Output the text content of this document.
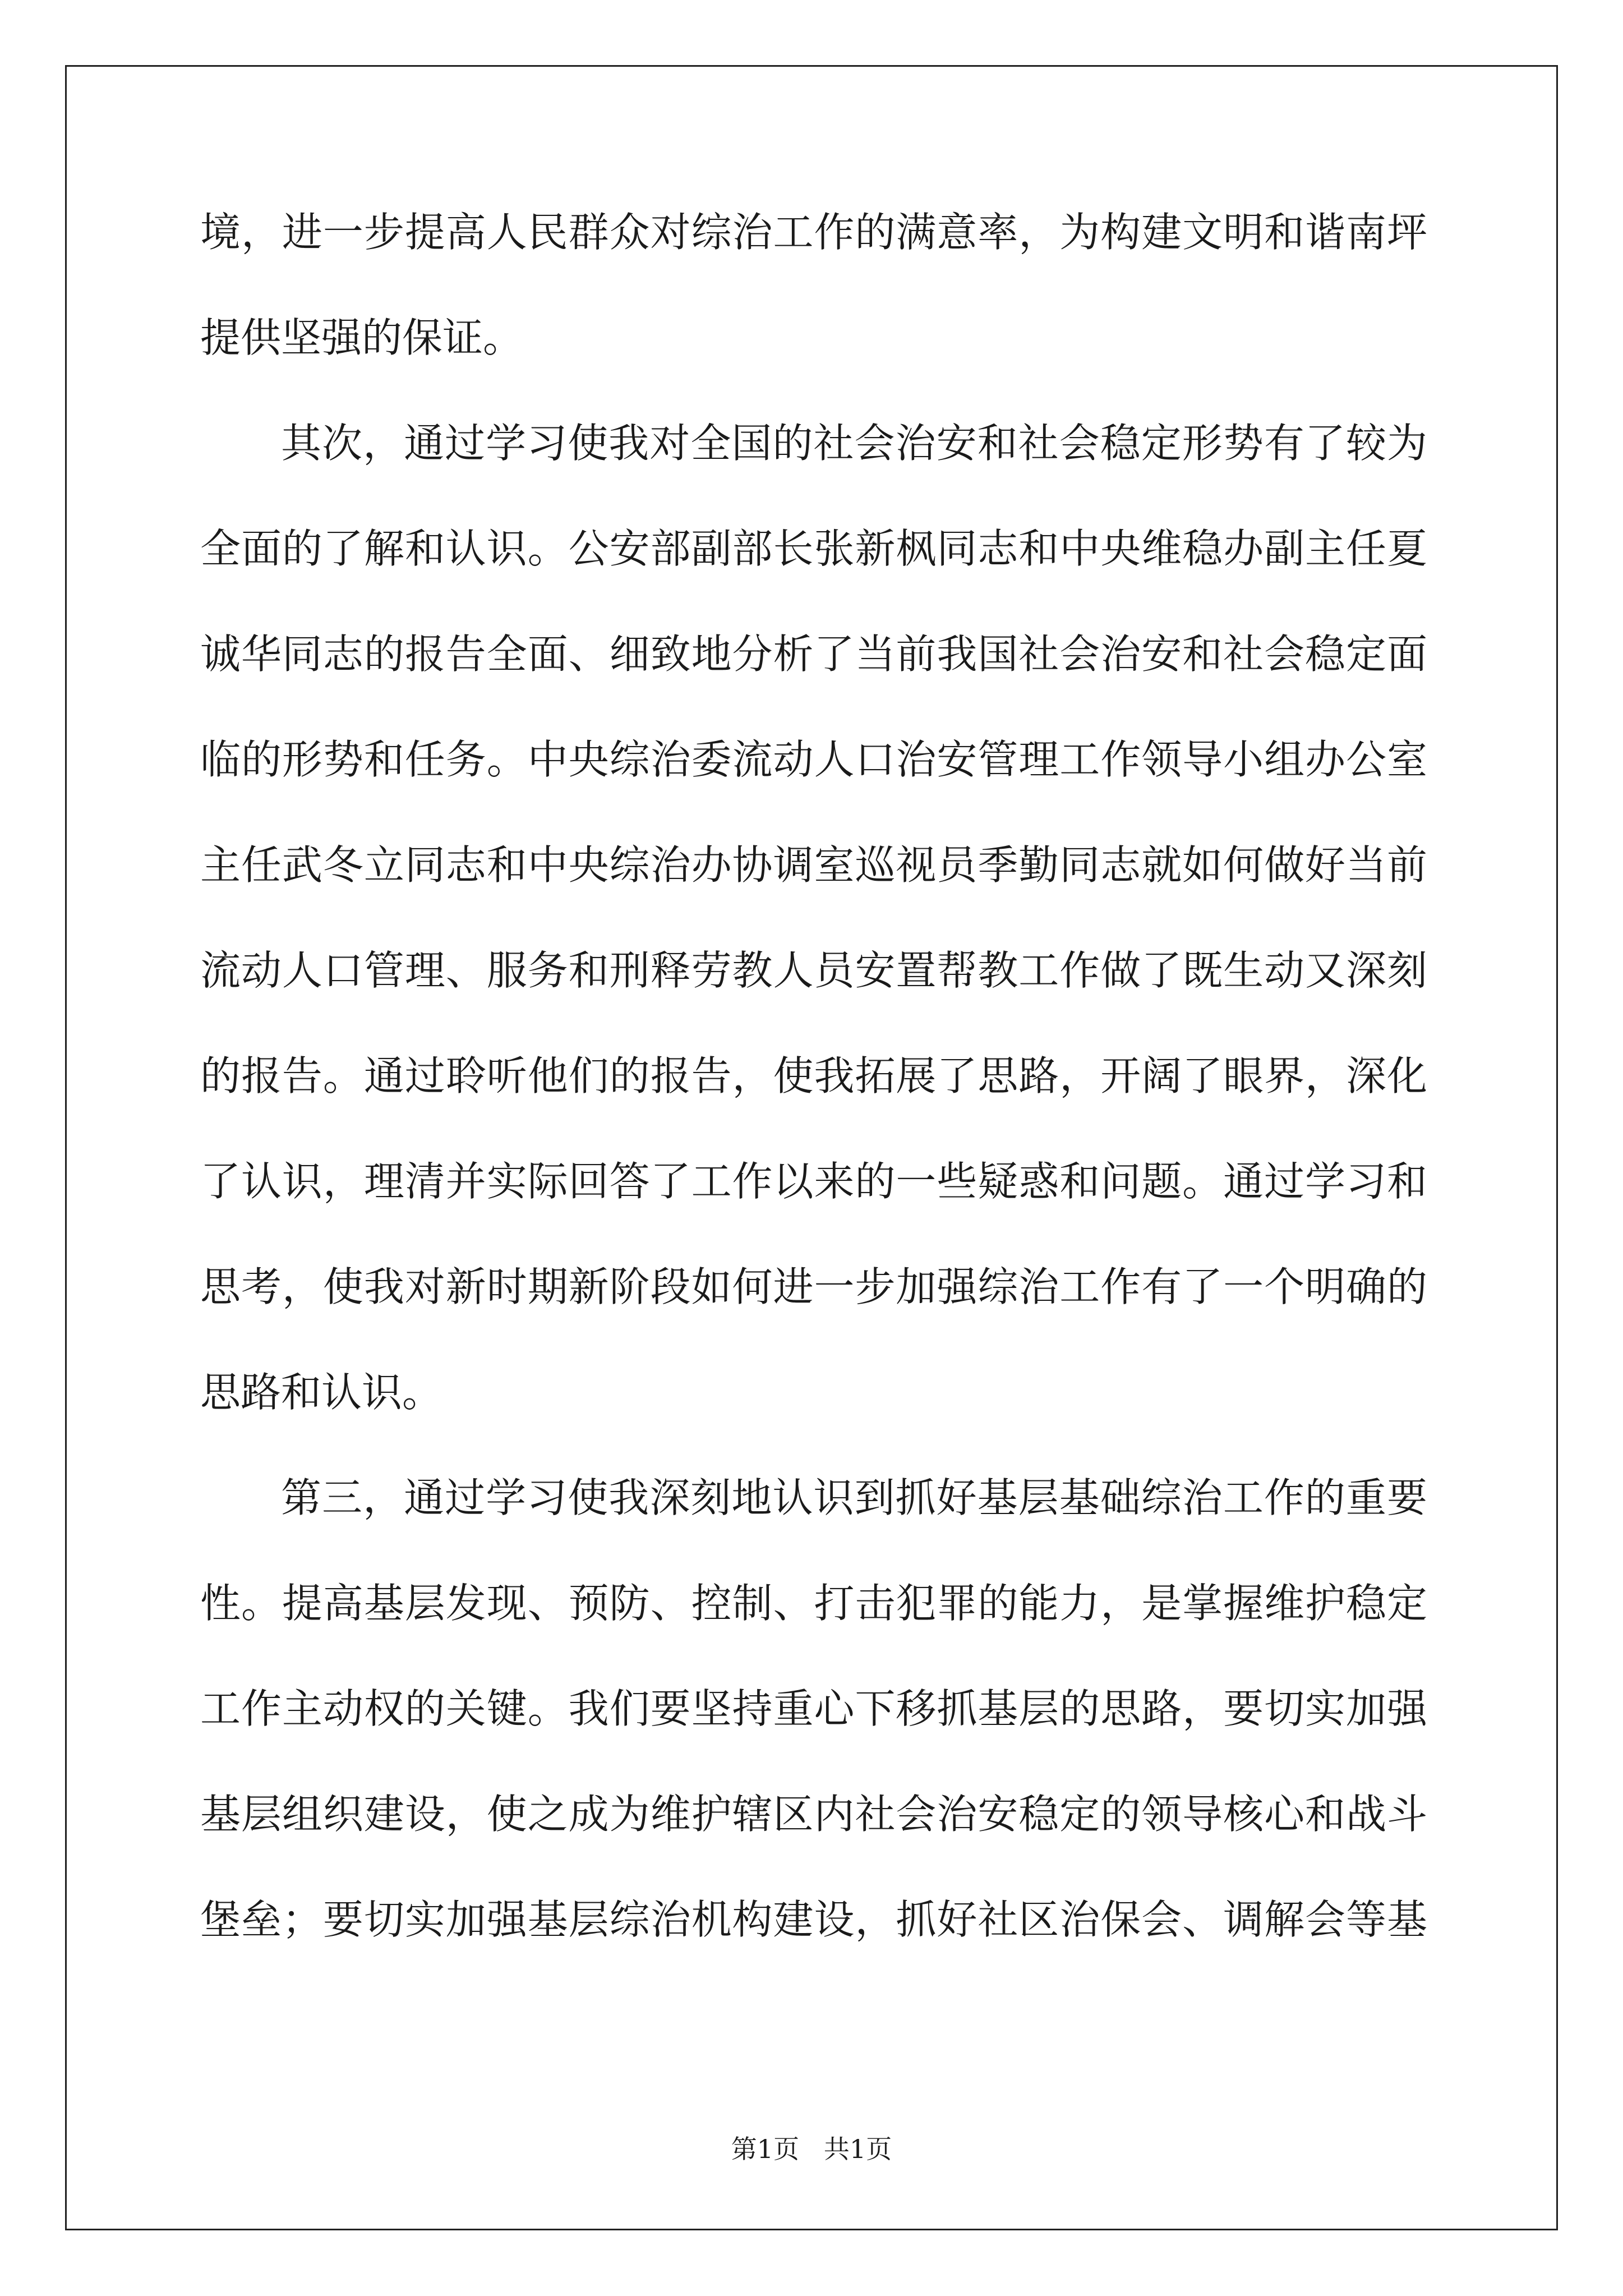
境，进一步提高人民群众对综治工作的满意率，为构建文明和谐南坪
提供坚强的保证。
其次，通过学习使我对全国的社会治安和社会稳定形势有了较为
全面的了解和认识。公安部副部长张新枫同志和中央维稳办副主任夏
诚华同志的报告全面、细致地分析了当前我国社会治安和社会稳定面
临的形势和任务。中央综治委流动人口治安管理工作领导小组办公室
主任武冬立同志和中央综治办协调室巡视员季勤同志就如何做好当前
流动人口管理、服务和刑释劳教人员安置帮教工作做了既生动又深刻
的报告。通过聆听他们的报告，使我拓展了思路，开阔了眼界，深化
了认识，理清并实际回答了工作以来的一些疑惑和问题。通过学习和
思考，使我对新时期新阶段如何进一步加强综治工作有了一个明确的
思路和认识。
第三，通过学习使我深刻地认识到抓好基层基础综治工作的重要
性。提高基层发现、预防、控制、打击犯罪的能力，是掌握维护稳定
工作主动权的关键。我们要坚持重心下移抓基层的思路，要切实加强
基层组织建设，使之成为维护辖区内社会治安稳定的领导核心和战斗
堡垒；要切实加强基层综治机构建设，抓好社区治保会、调解会等基
第1页   共1页
